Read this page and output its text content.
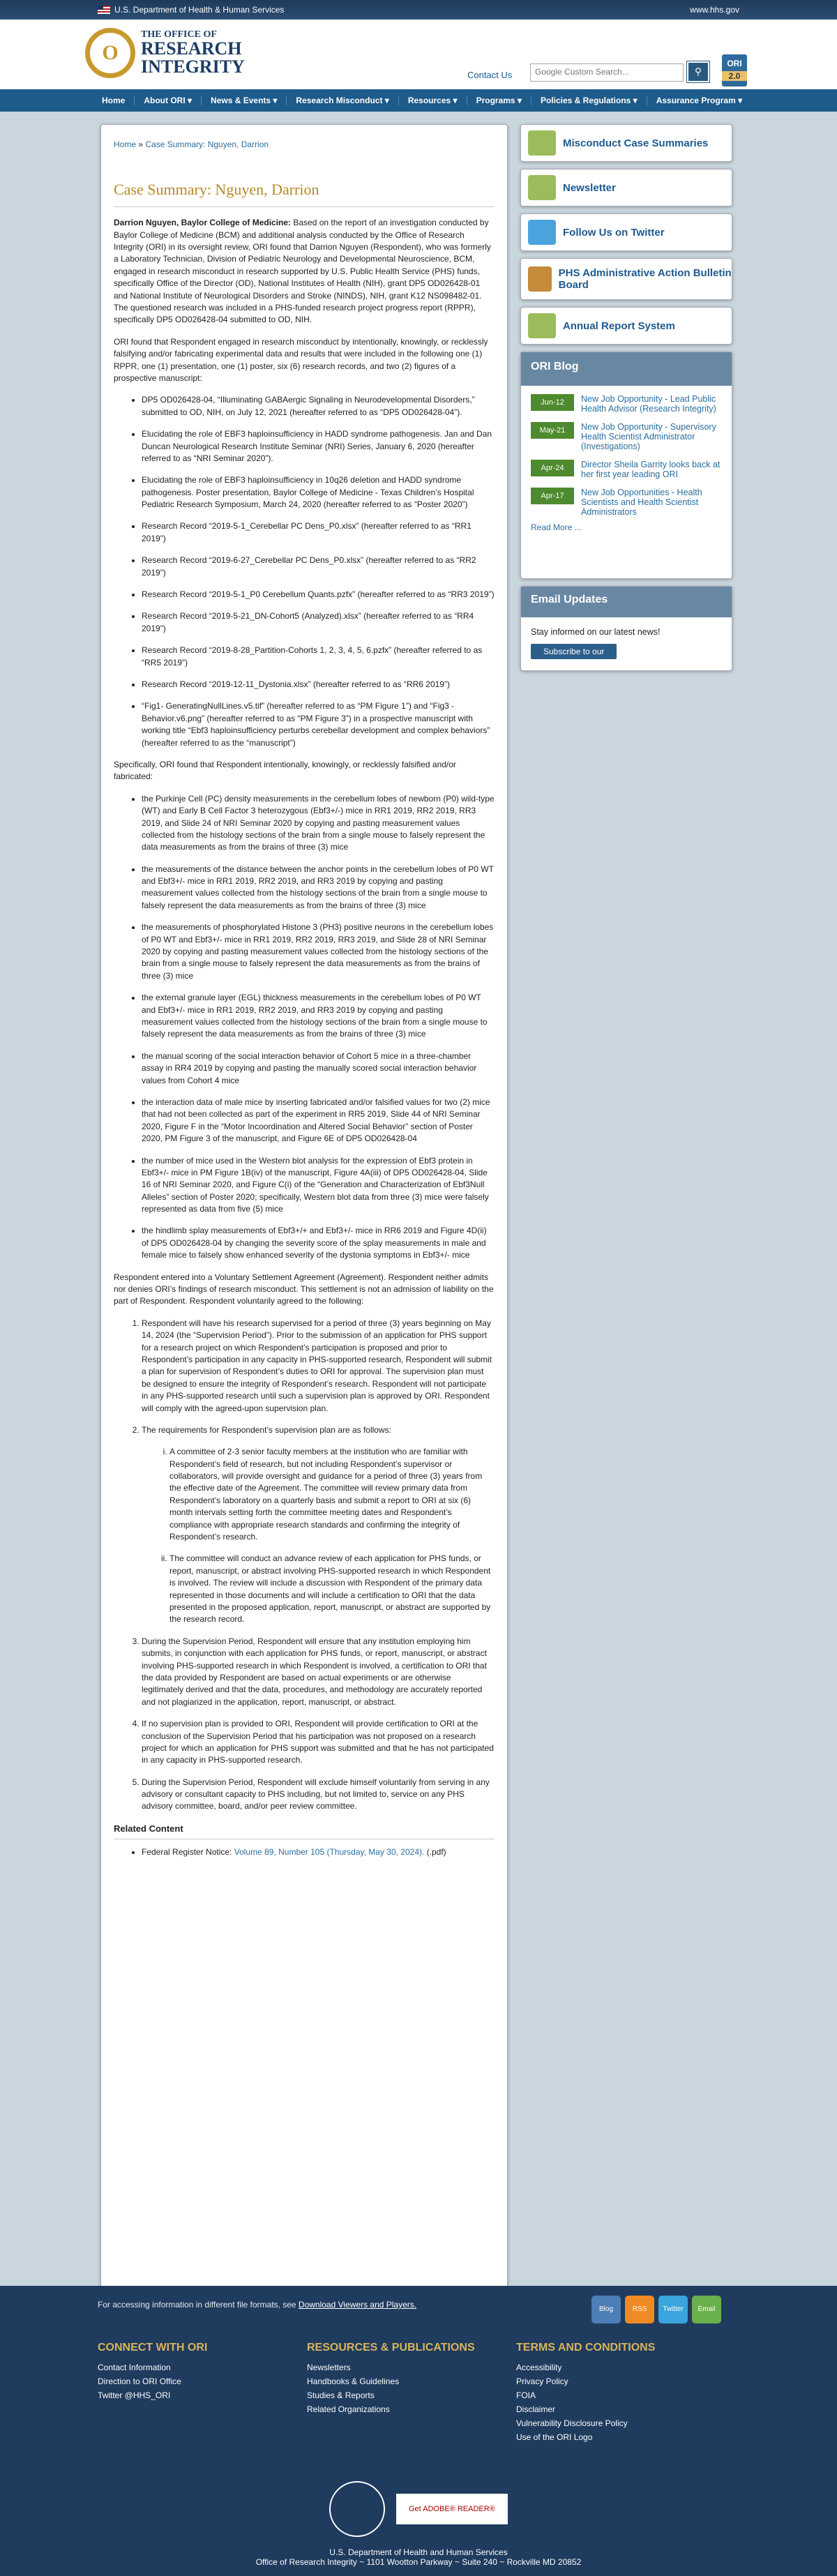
U.S. Department of Health & Human Services	www.hhs.gov
O
THE OFFICE OF
RESEARCH
INTEGRITY	Contact Us	Google Custom Search...	⚲
ORI
2.0
Home	About ORI ▾	News & Events ▾	Research Misconduct ▾	Resources ▾	Programs ▾	Policies & Regulations ▾	Assurance Program ▾
Home » Case Summary: Nguyen, Darrion
Case Summary: Nguyen, Darrion

Darrion Nguyen, Baylor College of Medicine: Based on the report of an investigation conducted by Baylor College of Medicine (BCM) and additional analysis conducted by the Office of Research Integrity (ORI) in its oversight review, ORI found that Darrion Nguyen (Respondent), who was formerly a Laboratory Technician, Division of Pediatric Neurology and Developmental Neuroscience, BCM, engaged in research misconduct in research supported by U.S. Public Health Service (PHS) funds, specifically Office of the Director (OD), National Institutes of Health (NIH), grant DP5 OD026428-01 and National Institute of Neurological Disorders and Stroke (NINDS), NIH, grant K12 NS098482-01. The questioned research was included in a PHS-funded research project progress report (RPPR), specifically DP5 OD026428-04 submitted to OD, NIH.

ORI found that Respondent engaged in research misconduct by intentionally, knowingly, or recklessly falsifying and/or fabricating experimental data and results that were included in the following one (1) RPPR, one (1) presentation, one (1) poster, six (6) research records, and two (2) figures of a prospective manuscript:

• DP5 OD026428-04, “Illuminating GABAergic Signaling in Neurodevelopmental Disorders,” submitted to OD, NIH, on July 12, 2021 (hereafter referred to as “DP5 OD026428-04”).
• Elucidating the role of EBF3 haploinsufficiency in HADD syndrome pathogenesis. Jan and Dan Duncan Neurological Research Institute Seminar (NRI) Series, January 6, 2020 (hereafter referred to as “NRI Seminar 2020”).
• Elucidating the role of EBF3 haploinsufficiency in 10q26 deletion and HADD syndrome pathogenesis. Poster presentation, Baylor College of Medicine - Texas Children’s Hospital Pediatric Research Symposium, March 24, 2020 (hereafter referred to as “Poster 2020”)
• Research Record “2019-5-1_Cerebellar PC Dens_P0.xlsx” (hereafter referred to as “RR1 2019”)
• Research Record “2019-6-27_Cerebellar PC Dens_P0.xlsx” (hereafter referred to as “RR2 2019”)
• Research Record “2019-5-1_P0 Cerebellum Quants.pzfx” (hereafter referred to as “RR3 2019”)
• Research Record “2019-5-21_DN-Cohort5 (Analyzed).xlsx” (hereafter referred to as “RR4 2019”)
• Research Record “2019-8-28_Partition-Cohorts 1, 2, 3, 4, 5, 6.pzfx” (hereafter referred to as “RR5 2019”)
• Research Record “2019-12-11_Dystonia.xlsx” (hereafter referred to as “RR6 2019”)
• “Fig1- GeneratingNullLines.v5.tif” (hereafter referred to as “PM Figure 1”) and “Fig3 - Behavior.v6.png” (hereafter referred to as “PM Figure 3”) in a prospective manuscript with working title “Ebf3 haploinsufficiency perturbs cerebellar development and complex behaviors” (hereafter referred to as the “manuscript”)

Specifically, ORI found that Respondent intentionally, knowingly, or recklessly falsified and/or fabricated:

• the Purkinje Cell (PC) density measurements in the cerebellum lobes of newborn (P0) wild-type (WT) and Early B Cell Factor 3 heterozygous (Ebf3+/-) mice in RR1 2019, RR2 2019, RR3 2019, and Slide 24 of NRI Seminar 2020 by copying and pasting measurement values collected from the histology sections of the brain from a single mouse to falsely represent the data measurements as from the brains of three (3) mice
• the measurements of the distance between the anchor points in the cerebellum lobes of P0 WT and Ebf3+/- mice in RR1 2019, RR2 2019, and RR3 2019 by copying and pasting measurement values collected from the histology sections of the brain from a single mouse to falsely represent the data measurements as from the brains of three (3) mice
• the measurements of phosphorylated Histone 3 (PH3) positive neurons in the cerebellum lobes of P0 WT and Ebf3+/- mice in RR1 2019, RR2 2019, RR3 2019, and Slide 28 of NRI Seminar 2020 by copying and pasting measurement values collected from the histology sections of the brain from a single mouse to falsely represent the data measurements as from the brains of three (3) mice
• the external granule layer (EGL) thickness measurements in the cerebellum lobes of P0 WT and Ebf3+/- mice in RR1 2019, RR2 2019, and RR3 2019 by copying and pasting measurement values collected from the histology sections of the brain from a single mouse to falsely represent the data measurements as from the brains of three (3) mice
• the manual scoring of the social interaction behavior of Cohort 5 mice in a three-chamber assay in RR4 2019 by copying and pasting the manually scored social interaction behavior values from Cohort 4 mice
• the interaction data of male mice by inserting fabricated and/or falsified values for two (2) mice that had not been collected as part of the experiment in RR5 2019, Slide 44 of NRI Seminar 2020, Figure F in the “Motor Incoordination and Altered Social Behavior” section of Poster 2020, PM Figure 3 of the manuscript, and Figure 6E of DP5 OD026428-04
• the number of mice used in the Western blot analysis for the expression of Ebf3 protein in Ebf3+/- mice in PM Figure 1B(iv) of the manuscript, Figure 4A(iii) of DP5 OD026428-04, Slide 16 of NRI Seminar 2020, and Figure C(i) of the “Generation and Characterization of Ebf3Null Alleles” section of Poster 2020; specifically, Western blot data from three (3) mice were falsely represented as data from five (5) mice
• the hindlimb splay measurements of Ebf3+/+ and Ebf3+/- mice in RR6 2019 and Figure 4D(ii) of DP5 OD026428-04 by changing the severity score of the splay measurements in male and female mice to falsely show enhanced severity of the dystonia symptoms in Ebf3+/- mice

Respondent entered into a Voluntary Settlement Agreement (Agreement). Respondent neither admits nor denies ORI’s findings of research misconduct. This settlement is not an admission of liability on the part of Respondent. Respondent voluntarily agreed to the following:

1. Respondent will have his research supervised for a period of three (3) years beginning on May 14, 2024 (the “Supervision Period”). Prior to the submission of an application for PHS support for a research project on which Respondent’s participation is proposed and prior to Respondent’s participation in any capacity in PHS-supported research, Respondent will submit a plan for supervision of Respondent’s duties to ORI for approval. The supervision plan must be designed to ensure the integrity of Respondent’s research. Respondent will not participate in any PHS-supported research until such a supervision plan is approved by ORI. Respondent will comply with the agreed-upon supervision plan.
2. The requirements for Respondent’s supervision plan are as follows:
i. A committee of 2-3 senior faculty members at the institution who are familiar with Respondent’s field of research, but not including Respondent’s supervisor or collaborators, will provide oversight and guidance for a period of three (3) years from the effective date of the Agreement. The committee will review primary data from Respondent’s laboratory on a quarterly basis and submit a report to ORI at six (6) month intervals setting forth the committee meeting dates and Respondent’s compliance with appropriate research standards and confirming the integrity of Respondent’s research.
ii. The committee will conduct an advance review of each application for PHS funds, or report, manuscript, or abstract involving PHS-supported research in which Respondent is involved. The review will include a discussion with Respondent of the primary data represented in those documents and will include a certification to ORI that the data presented in the proposed application, report, manuscript, or abstract are supported by the research record.
3. During the Supervision Period, Respondent will ensure that any institution employing him submits, in conjunction with each application for PHS funds, or report, manuscript, or abstract involving PHS-supported research in which Respondent is involved, a certification to ORI that the data provided by Respondent are based on actual experiments or are otherwise legitimately derived and that the data, procedures, and methodology are accurately reported and not plagiarized in the application, report, manuscript, or abstract.
4. If no supervision plan is provided to ORI, Respondent will provide certification to ORI at the conclusion of the Supervision Period that his participation was not proposed on a research project for which an application for PHS support was submitted and that he has not participated in any capacity in PHS-supported research.
5. During the Supervision Period, Respondent will exclude himself voluntarily from serving in any advisory or consultant capacity to PHS including, but not limited to, service on any PHS advisory committee, board, and/or peer review committee.
Related Content
• Federal Register Notice: Volume 89, Number 105 (Thursday, May 30, 2024). (.pdf)
Misconduct Case Summaries
Newsletter
Follow Us on Twitter
PHS Administrative Action Bulletin Board
Annual Report System
ORI Blog
Jun-12	New Job Opportunity - Lead Public Health Advisor (Research Integrity)
May-21	New Job Opportunity - Supervisory Health Scientist Administrator (Investigations)
Apr-24	Director Sheila Garrity looks back at her first year leading ORI
Apr-17	New Job Opportunities - Health Scientists and Health Scientist Administrators
Read More ...
Email Updates
Stay informed on our latest news!
Subscribe to our
For accessing information in different file formats, see Download Viewers and Players.	Blog	RSS	Twitter	Email
CONNECT WITH ORI
Contact Information
Direction to ORI Office
Twitter @HHS_ORI
RESOURCES & PUBLICATIONS
Newsletters
Handbooks & Guidelines
Studies & Reports
Related Organizations
TERMS AND CONDITIONS
Accessibility
Privacy Policy
FOIA
Disclaimer
Vulnerability Disclosure Policy
Use of the ORI Logo
Get ADOBE® READER®
U.S. Department of Health and Human Services
Office of Research Integrity ~ 1101 Wootton Parkway ~ Suite 240 ~ Rockville MD 20852
